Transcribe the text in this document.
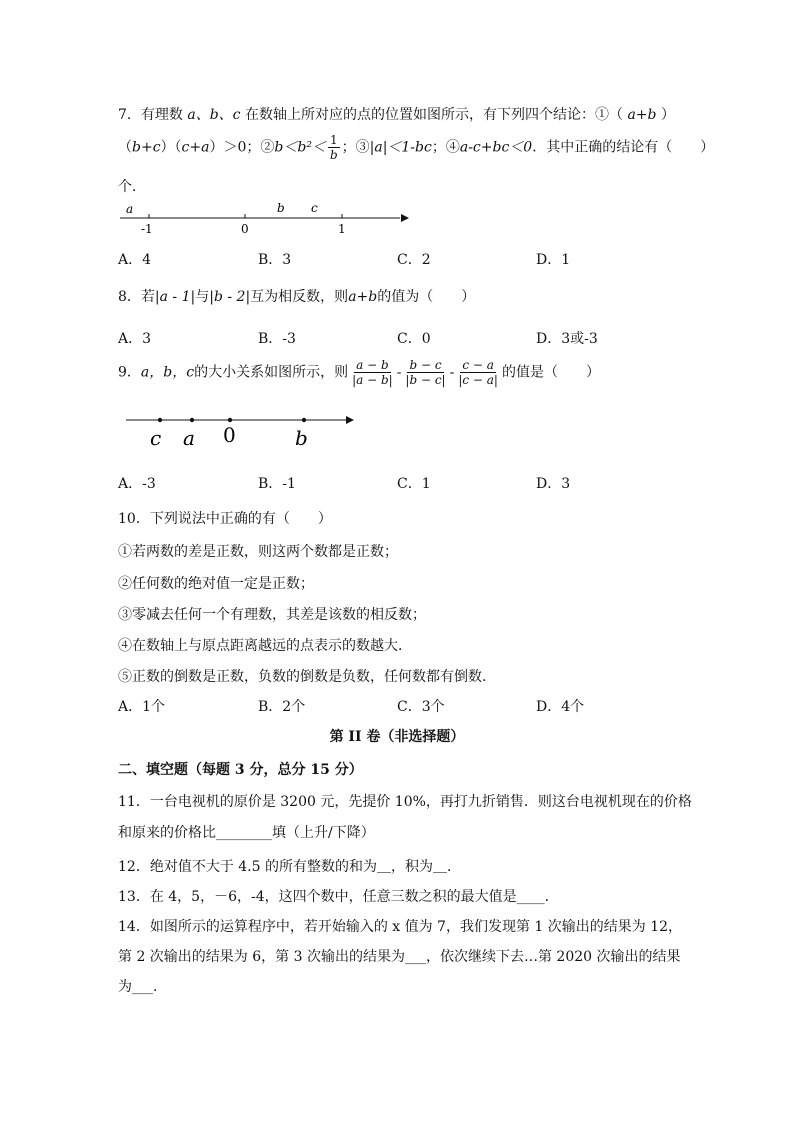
7．有理数 a、b、c 在数轴上所对应的点的位置如图所示，有下列四个结论：①（ a+b ）
（b+c）（c+a）＞0；②b＜b²＜ $\frac{1}{b}$ ；③|a|＜1-bc；④a-c+bc＜0．其中正确的结论有（　　）
个．
a	b c
-1	0	1
A．4	B．3	C．2	D．1
8．若|a - 1|与|b - 2|互为相反数，则a+b的值为（　　）
A．3	B．-3	C．0	D．3或-3
9．a，b，c的大小关系如图所示，则 $\frac{a - b}{|a - b|} - \frac{b - c}{|b - c|} - \frac{c - a}{|c - a|}$ 的值是（　　）
c a 0	b
A．-3	B．-1	C．1	D．3
10．下列说法中正确的有（　　）
①若两数的差是正数，则这两个数都是正数；
②任何数的绝对值一定是正数；
③零减去任何一个有理数，其差是该数的相反数；
④在数轴上与原点距离越远的点表示的数越大．
⑤正数的倒数是正数，负数的倒数是负数，任何数都有倒数．
A．1个	B．2个	C．3个	D．4个
第 II 卷（非选择题）
二、填空题（每题 3 分，总分 15 分）
11．一台电视机的原价是 3200 元，先提价 10%，再打九折销售．则这台电视机现在的价格
和原来的价格比________填（上升/下降）
12．绝对值不大于 4.5 的所有整数的和为＿，积为＿．
13．在 4，5，－6，-4，这四个数中，任意三数之积的最大值是____．
14．如图所示的运算程序中，若开始输入的 x 值为 7，我们发现第 1 次输出的结果为 12，
第 2 次输出的结果为 6，第 3 次输出的结果为___，依次继续下去…第 2020 次输出的结果
为___．
